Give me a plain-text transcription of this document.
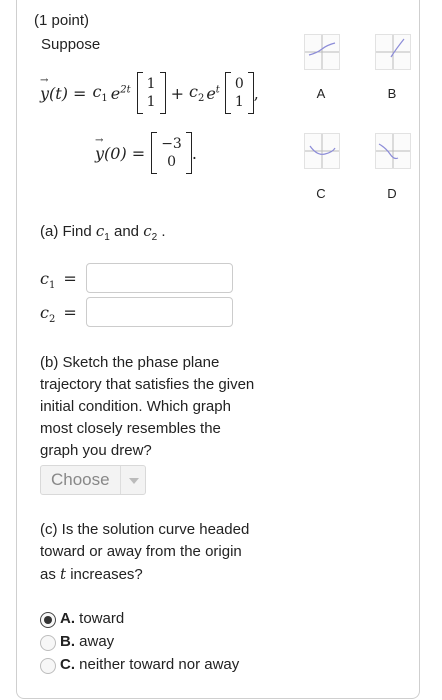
(1 point)
Suppose
→
$y(t) = c_1$ $e^{2t}$ 1
$1 + c_2$ $e^t$ 0
1 ,
→
y(0) = −3
0 .
A	B
C	D
(a) Find $c_1$ and $c_2$ .
$c_1$ =
$c_2$ =
(b) Sketch the phase plane
trajectory that satisfies the given
initial condition. Which graph
most closely resembles the
graph you drew?
Choose
(c) Is the solution curve headed
toward or away from the origin
as t increases?
A. toward
B. away
C. neither toward nor away
